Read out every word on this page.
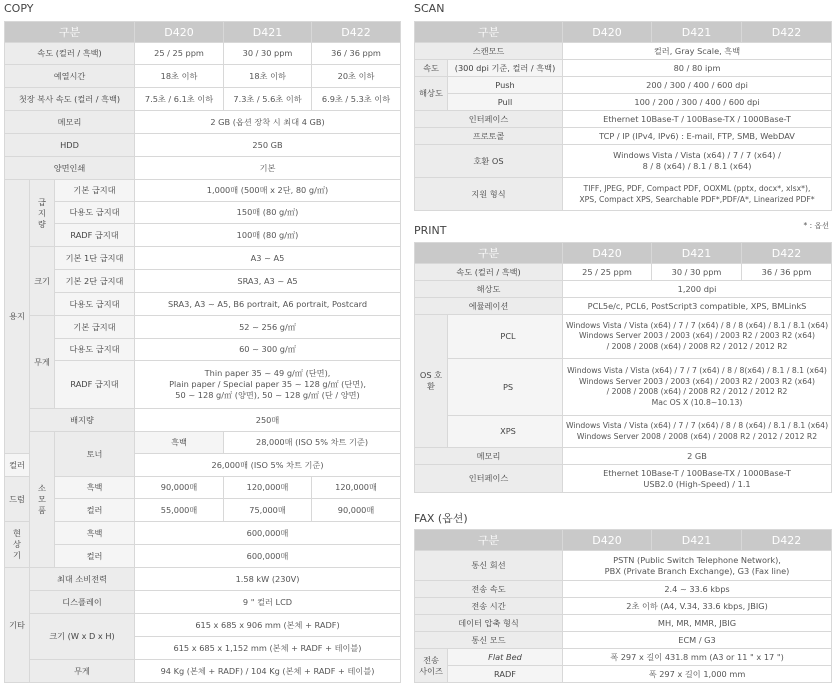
COPY
구분			D420	D421	D422
속도 (컬러 / 흑백)			25 / 25 ppm	30 / 30 ppm	36 / 36 ppm
예열시간			18초 이하	18초 이하	20초 이하
첫장 복사 속도 (컬러 / 흑백)			7.5초 / 6.1초 이하	7.3초 / 5.6초 이하	6.9초 / 5.3초 이하
메모리			2 GB (옵션 장착 시 최대 4 GB)		
HDD			250 GB		
양면인쇄			기본		
용지	급지량	기본 급지대	1,000매 (500매 x 2단, 80 g/㎡)		
		다용도 급지대	150매 (80 g/㎡)		
		RADF 급지대	100매 (80 g/㎡)		
	크기	기본 1단 급지대	A3 ~ A5		
		기본 2단 급지대	SRA3, A3 ~ A5		
		다용도 급지대	SRA3, A3 ~ A5, B6 portrait, A6 portrait, Postcard		
	무게	기본 급지대	52 ~ 256 g/㎡		
		다용도 급지대	60 ~ 300 g/㎡		
		RADF 급지대	Thin paper 35 ~ 49 g/㎡ (단면),
Plain paper / Special paper 35 ~ 128 g/㎡ (단면),
50 ~ 128 g/㎡ (양면), 50 ~ 128 g/㎡ (단 / 양면)		

	배지량		250매		
	소모품	토너	흑백	28,000매 (ISO 5% 차트 기준)	
컬러			26,000매 (ISO 5% 차트 기준)		
드럼		흑백	90,000매	120,000매	120,000매
		컬러	55,000매	75,000매	90,000매
현상기		흑백	600,000매		
		컬러	600,000매		
기타	최대 소비전력		1.58 kW (230V)		
	디스플레이		9 " 컬러 LCD		
	크기 (W x D x H)		615 x 685 x 906 mm (본체 + RADF)		
			615 x 685 x 1,152 mm (본체 + RADF + 테이블)		
	무게		94 Kg (본체 + RADF) / 104 Kg (본체 + RADF + 테이블)		
SCAN
구분		D420	D421	D422
스캔모드		컬러, Gray Scale, 흑백		
속도	(300 dpi 기준, 컬러 / 흑백)	80 / 80 ipm		
해상도	Push	200 / 300 / 400 / 600 dpi		
	Pull	100 / 200 / 300 / 400 / 600 dpi		
인터페이스		Ethernet 10Base-T / 100Base-TX / 1000Base-T		
프로토콜		TCP / IP (IPv4, IPv6) : E-mail, FTP, SMB, WebDAV		
호환 OS		Windows Vista / Vista (x64) / 7 / 7 (x64) /
8 / 8 (x64) / 8.1 / 8.1 (x64)		

지원 형식		TIFF, JPEG, PDF, Compact PDF, OOXML (pptx, docx*, xlsx*),
XPS, Compact XPS, Searchable PDF*,PDF/A*, Linearized PDF*		
* : 옵션
PRINT
구분		D420	D421	D422
속도 (컬러 / 흑백)		25 / 25 ppm	30 / 30 ppm	36 / 36 ppm
해상도		1,200 dpi		
에뮬레이션		PCL5e/c, PCL6, PostScript3 compatible, XPS, BMLinkS		
OS 호환	PCL	Windows Vista / Vista (x64) / 7 / 7 (x64) / 8 / 8 (x64) / 8.1 / 8.1 (x64)
Windows Server 2003 / 2003 (x64) / 2003 R2 / 2003 R2 (x64)
/ 2008 / 2008 (x64) / 2008 R2 / 2012 / 2012 R2		

	PS	Windows Vista / Vista (x64) / 7 / 7 (x64) / 8 / 8(x64) / 8.1 / 8.1 (x64)
Windows Server 2003 / 2003 (x64) / 2003 R2 / 2003 R2 (x64)
/ 2008 / 2008 (x64) / 2008 R2 / 2012 / 2012 R2
Mac OS X (10.8~10.13)		

	XPS	Windows Vista / Vista (x64) / 7 / 7 (x64) / 8 / 8 (x64) / 8.1 / 8.1 (x64)
Windows Server 2008 / 2008 (x64) / 2008 R2 / 2012 / 2012 R2		

메모리		2 GB		
인터페이스		Ethernet 10Base-T / 100Base-TX / 1000Base-T
USB2.0 (High-Speed) / 1.1		
FAX (옵션)
구분		D420	D421	D422
통신 회선		PSTN (Public Switch Telephone Network),
PBX (Private Branch Exchange), G3 (Fax line)		

전송 속도		2.4 ~ 33.6 kbps		
전송 시간		2초 이하 (A4, V.34, 33.6 kbps, JBIG)		
데이터 압축 형식		MH, MR, MMR, JBIG		
통신 모드		ECM / G3		
전송 사이즈	Flat Bed	폭 297 x 길이 431.8 mm (A3 or 11 " x 17 ")		
	RADF	폭 297 x 길이 1,000 mm		
